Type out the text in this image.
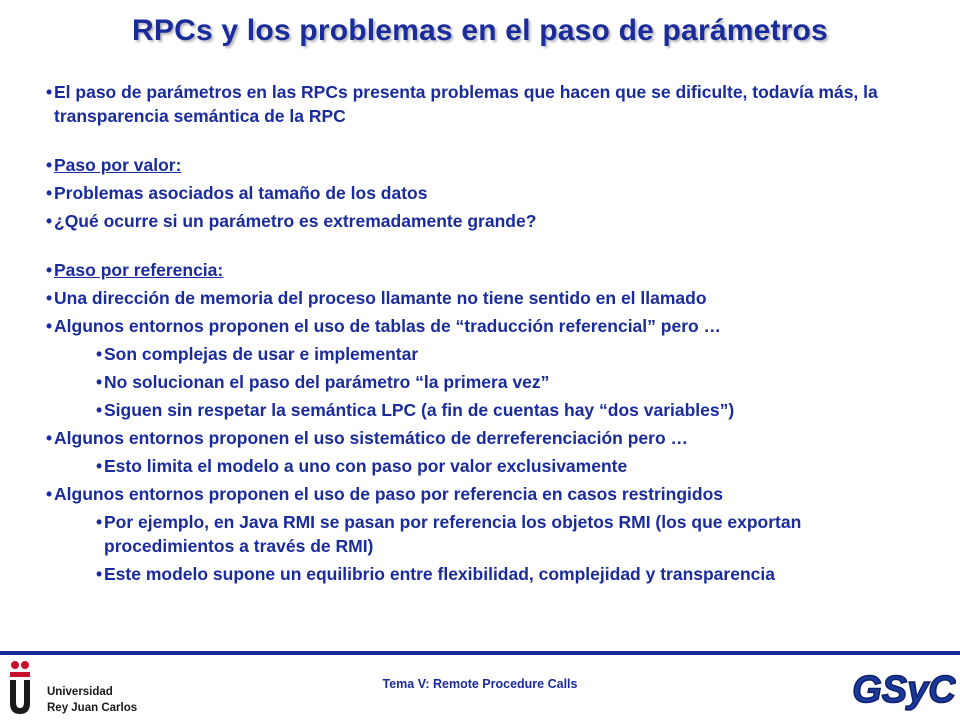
RPCs y los problemas en el paso de parámetros
• El paso de parámetros en las RPCs presenta problemas que hacen que se dificulte, todavía más, la transparencia semántica de la RPC
• Paso por valor:
• Problemas asociados al tamaño de los datos
• ¿Qué ocurre si un parámetro es extremadamente grande?
• Paso por referencia:
• Una dirección de memoria del proceso llamante no tiene sentido en el llamado
• Algunos entornos proponen el uso de tablas de “traducción referencial” pero …
• Son complejas de usar e implementar
• No solucionan el paso del parámetro “la primera vez”
• Siguen sin respetar la semántica LPC (a fin de cuentas hay “dos variables”)
• Algunos entornos proponen el uso sistemático de derreferenciación pero …
• Esto limita el modelo a uno con paso por valor exclusivamente
• Algunos entornos proponen el uso de paso por referencia en casos restringidos
• Por ejemplo, en Java RMI se pasan por referencia los objetos RMI (los que exportan procedimientos a través de RMI)
• Este modelo supone un equilibrio entre flexibilidad, complejidad y transparencia
Universidad
Rey Juan Carlos
Tema V: Remote Procedure Calls	GSyC
